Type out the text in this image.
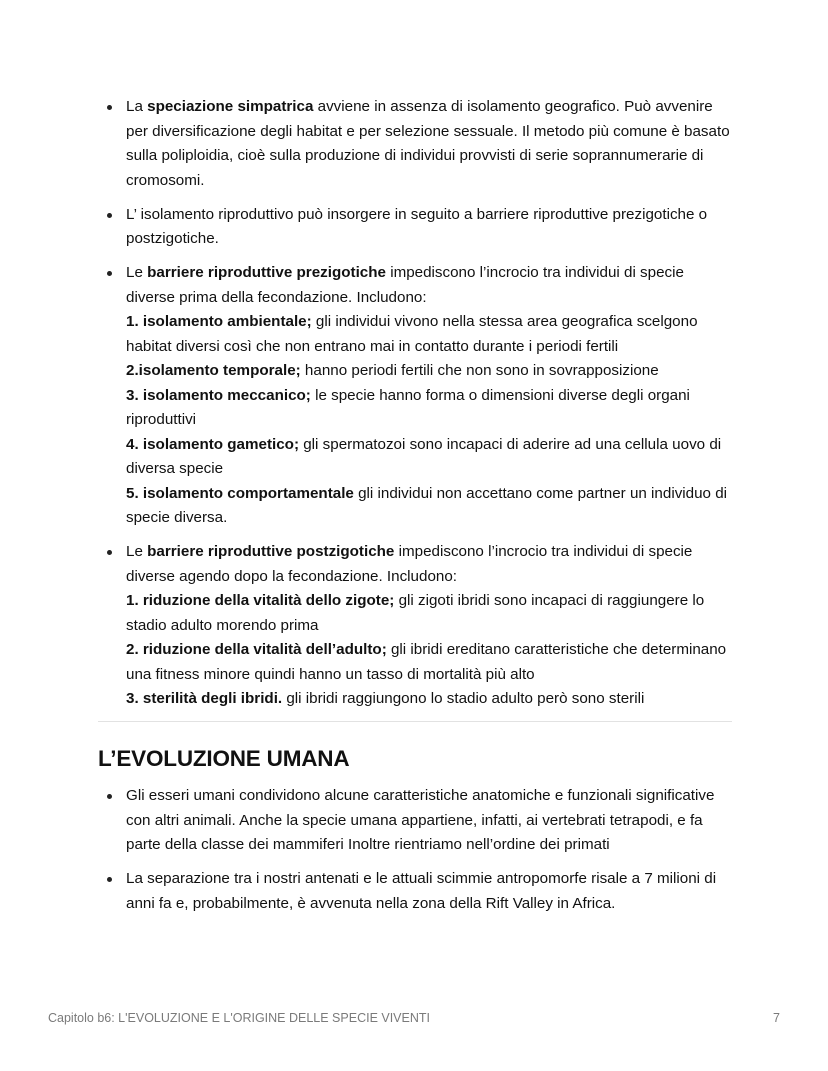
La speciazione simpatrica avviene in assenza di isolamento geografico. Può avvenire per diversificazione degli habitat e per selezione sessuale. Il metodo più comune è basato sulla poliploidia, cioè sulla produzione di individui provvisti di serie soprannumerarie di cromosomi.
L’ isolamento riproduttivo può insorgere in seguito a barriere riproduttive prezigotiche o postzigotiche.
Le barriere riproduttive prezigotiche impediscono l’incrocio tra individui di specie diverse prima della fecondazione. Includono:
1. isolamento ambientale; gli individui vivono nella stessa area geografica scelgono habitat diversi così che non entrano mai in contatto durante i periodi fertili
2.isolamento temporale; hanno periodi fertili che non sono in sovrapposizione
3. isolamento meccanico; le specie hanno forma o dimensioni diverse degli organi riproduttivi
4. isolamento gametico; gli spermatozoi sono incapaci di aderire ad una cellula uovo di diversa specie
5. isolamento comportamentale gli individui non accettano come partner un individuo di specie diversa.
Le barriere riproduttive postzigotiche impediscono l’incrocio tra individui di specie diverse agendo dopo la fecondazione. Includono:
1. riduzione della vitalità dello zigote; gli zigoti ibridi sono incapaci di raggiungere lo stadio adulto morendo prima
2. riduzione della vitalità dell’adulto; gli ibridi ereditano caratteristiche che determinano una fitness minore quindi hanno un tasso di mortalità più alto
3. sterilità degli ibridi. gli ibridi raggiungono lo stadio adulto però sono sterili
L’EVOLUZIONE UMANA
Gli esseri umani condividono alcune caratteristiche anatomiche e funzionali significative con altri animali. Anche la specie umana appartiene, infatti, ai vertebrati tetrapodi, e fa parte della classe dei mammiferi Inoltre rientriamo nell’ordine dei primati
La separazione tra i nostri antenati e le attuali scimmie antropomorfe risale a 7 milioni di anni fa e, probabilmente, è avvenuta nella zona della Rift Valley in Africa.
Capitolo b6: L'EVOLUZIONE E L'ORIGINE DELLE SPECIE VIVENTI	7
